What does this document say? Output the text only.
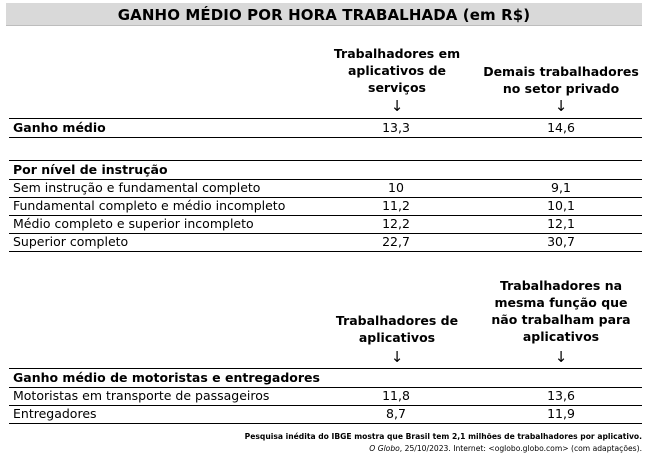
GANHO MÉDIO POR HORA TRABALHADA (em R$)
Trabalhadores em
aplicativos de
serviços
↓
Demais trabalhadores
no setor privado
↓
Ganho médio	13,3	14,6
Por nível de instrução
Sem instrução e fundamental completo	10	9,1
Fundamental completo e médio incompleto	11,2	10,1
Médio completo e superior incompleto	12,2	12,1
Superior completo	22,7	30,7
Trabalhadores de
aplicativos
↓
Trabalhadores na
mesma função que
não trabalham para
aplicativos
↓
Ganho médio de motoristas e entregadores
Motoristas em transporte de passageiros	11,8	13,6
Entregadores	8,7	11,9
Pesquisa inédita do IBGE mostra que Brasil tem 2,1 milhões de trabalhadores por aplicativo.
O Globo, 25/10/2023. Internet: <oglobo.globo.com> (com adaptações).
